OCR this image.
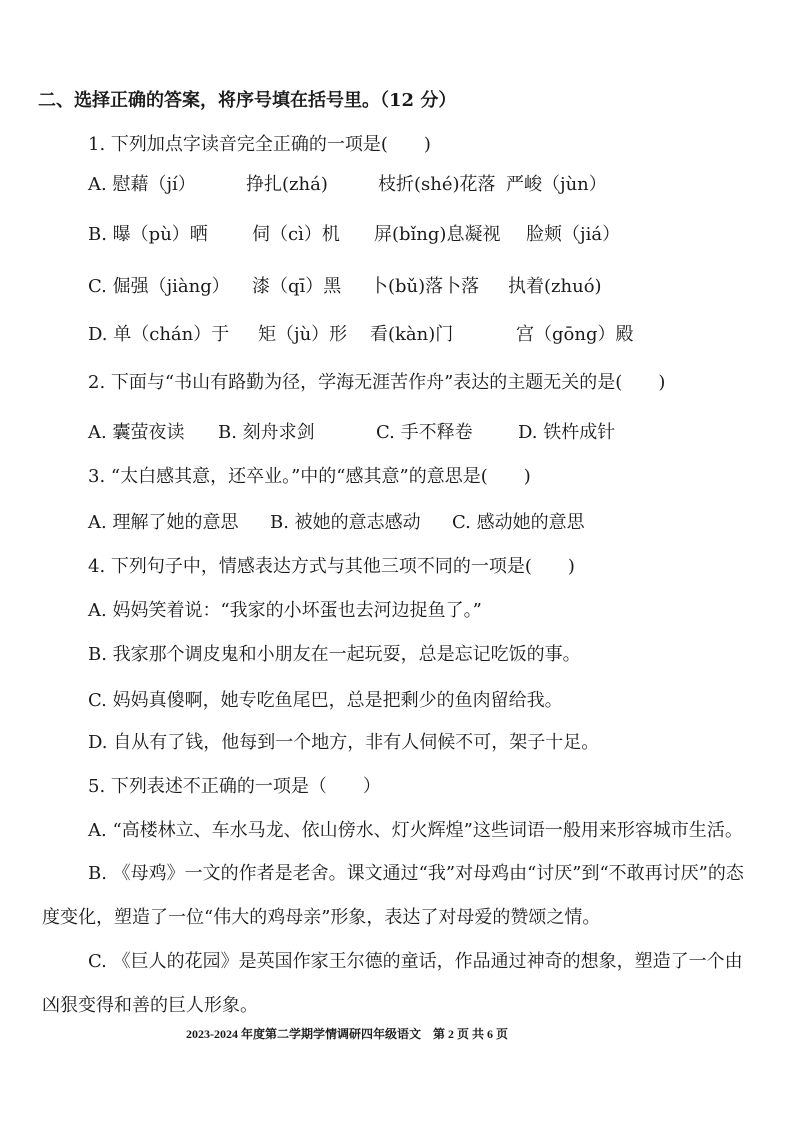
二、选择正确的答案，将序号填在括号里。（12 分）
1. 下列加点字读音完全正确的一项是(　　)
A. 慰藉（jí）	挣扎(zhá)	枝折(shé)花落 严峻（jùn）
B. 曝（pù）晒 伺（cì）机 屏(bǐng)息凝视 脸颊（jiá）
C. 倔强（jiàng） 漆（qī）黑 卜(bǔ)落卜落 执着(zhuó)
D. 单（chán）于 矩（jù）形 看(kàn)门	宫（gōng）殿
2. 下面与“书山有路勤为径，学海无涯苦作舟”表达的主题无关的是(　　)
A. 囊萤夜读 B. 刻舟求剑	C. 手不释卷	D. 铁杵成针
3. “太白感其意，还卒业。”中的“感其意”的意思是(　　)
A. 理解了她的意思 B. 被她的意志感动 C. 感动她的意思
4. 下列句子中，情感表达方式与其他三项不同的一项是(　　)
A. 妈妈笑着说：“我家的小坏蛋也去河边捉鱼了。”
B. 我家那个调皮鬼和小朋友在一起玩耍，总是忘记吃饭的事。
C. 妈妈真傻啊，她专吃鱼尾巴，总是把剩少的鱼肉留给我。
D. 自从有了钱，他每到一个地方，非有人伺候不可，架子十足。
5. 下列表述不正确的一项是（　　）
A. “高楼林立、车水马龙、依山傍水、灯火辉煌”这些词语一般用来形容城市生活。
B. 《母鸡》一文的作者是老舍。课文通过“我”对母鸡由“讨厌”到“不敢再讨厌”的态度变化，塑造了一位“伟大的鸡母亲”形象，表达了对母爱的赞颂之情。
C. 《巨人的花园》是英国作家王尔德的童话，作品通过神奇的想象，塑造了一个由凶狠变得和善的巨人形象。
2023-2024 年度第二学期学情调研四年级语文　第 2 页 共 6 页
